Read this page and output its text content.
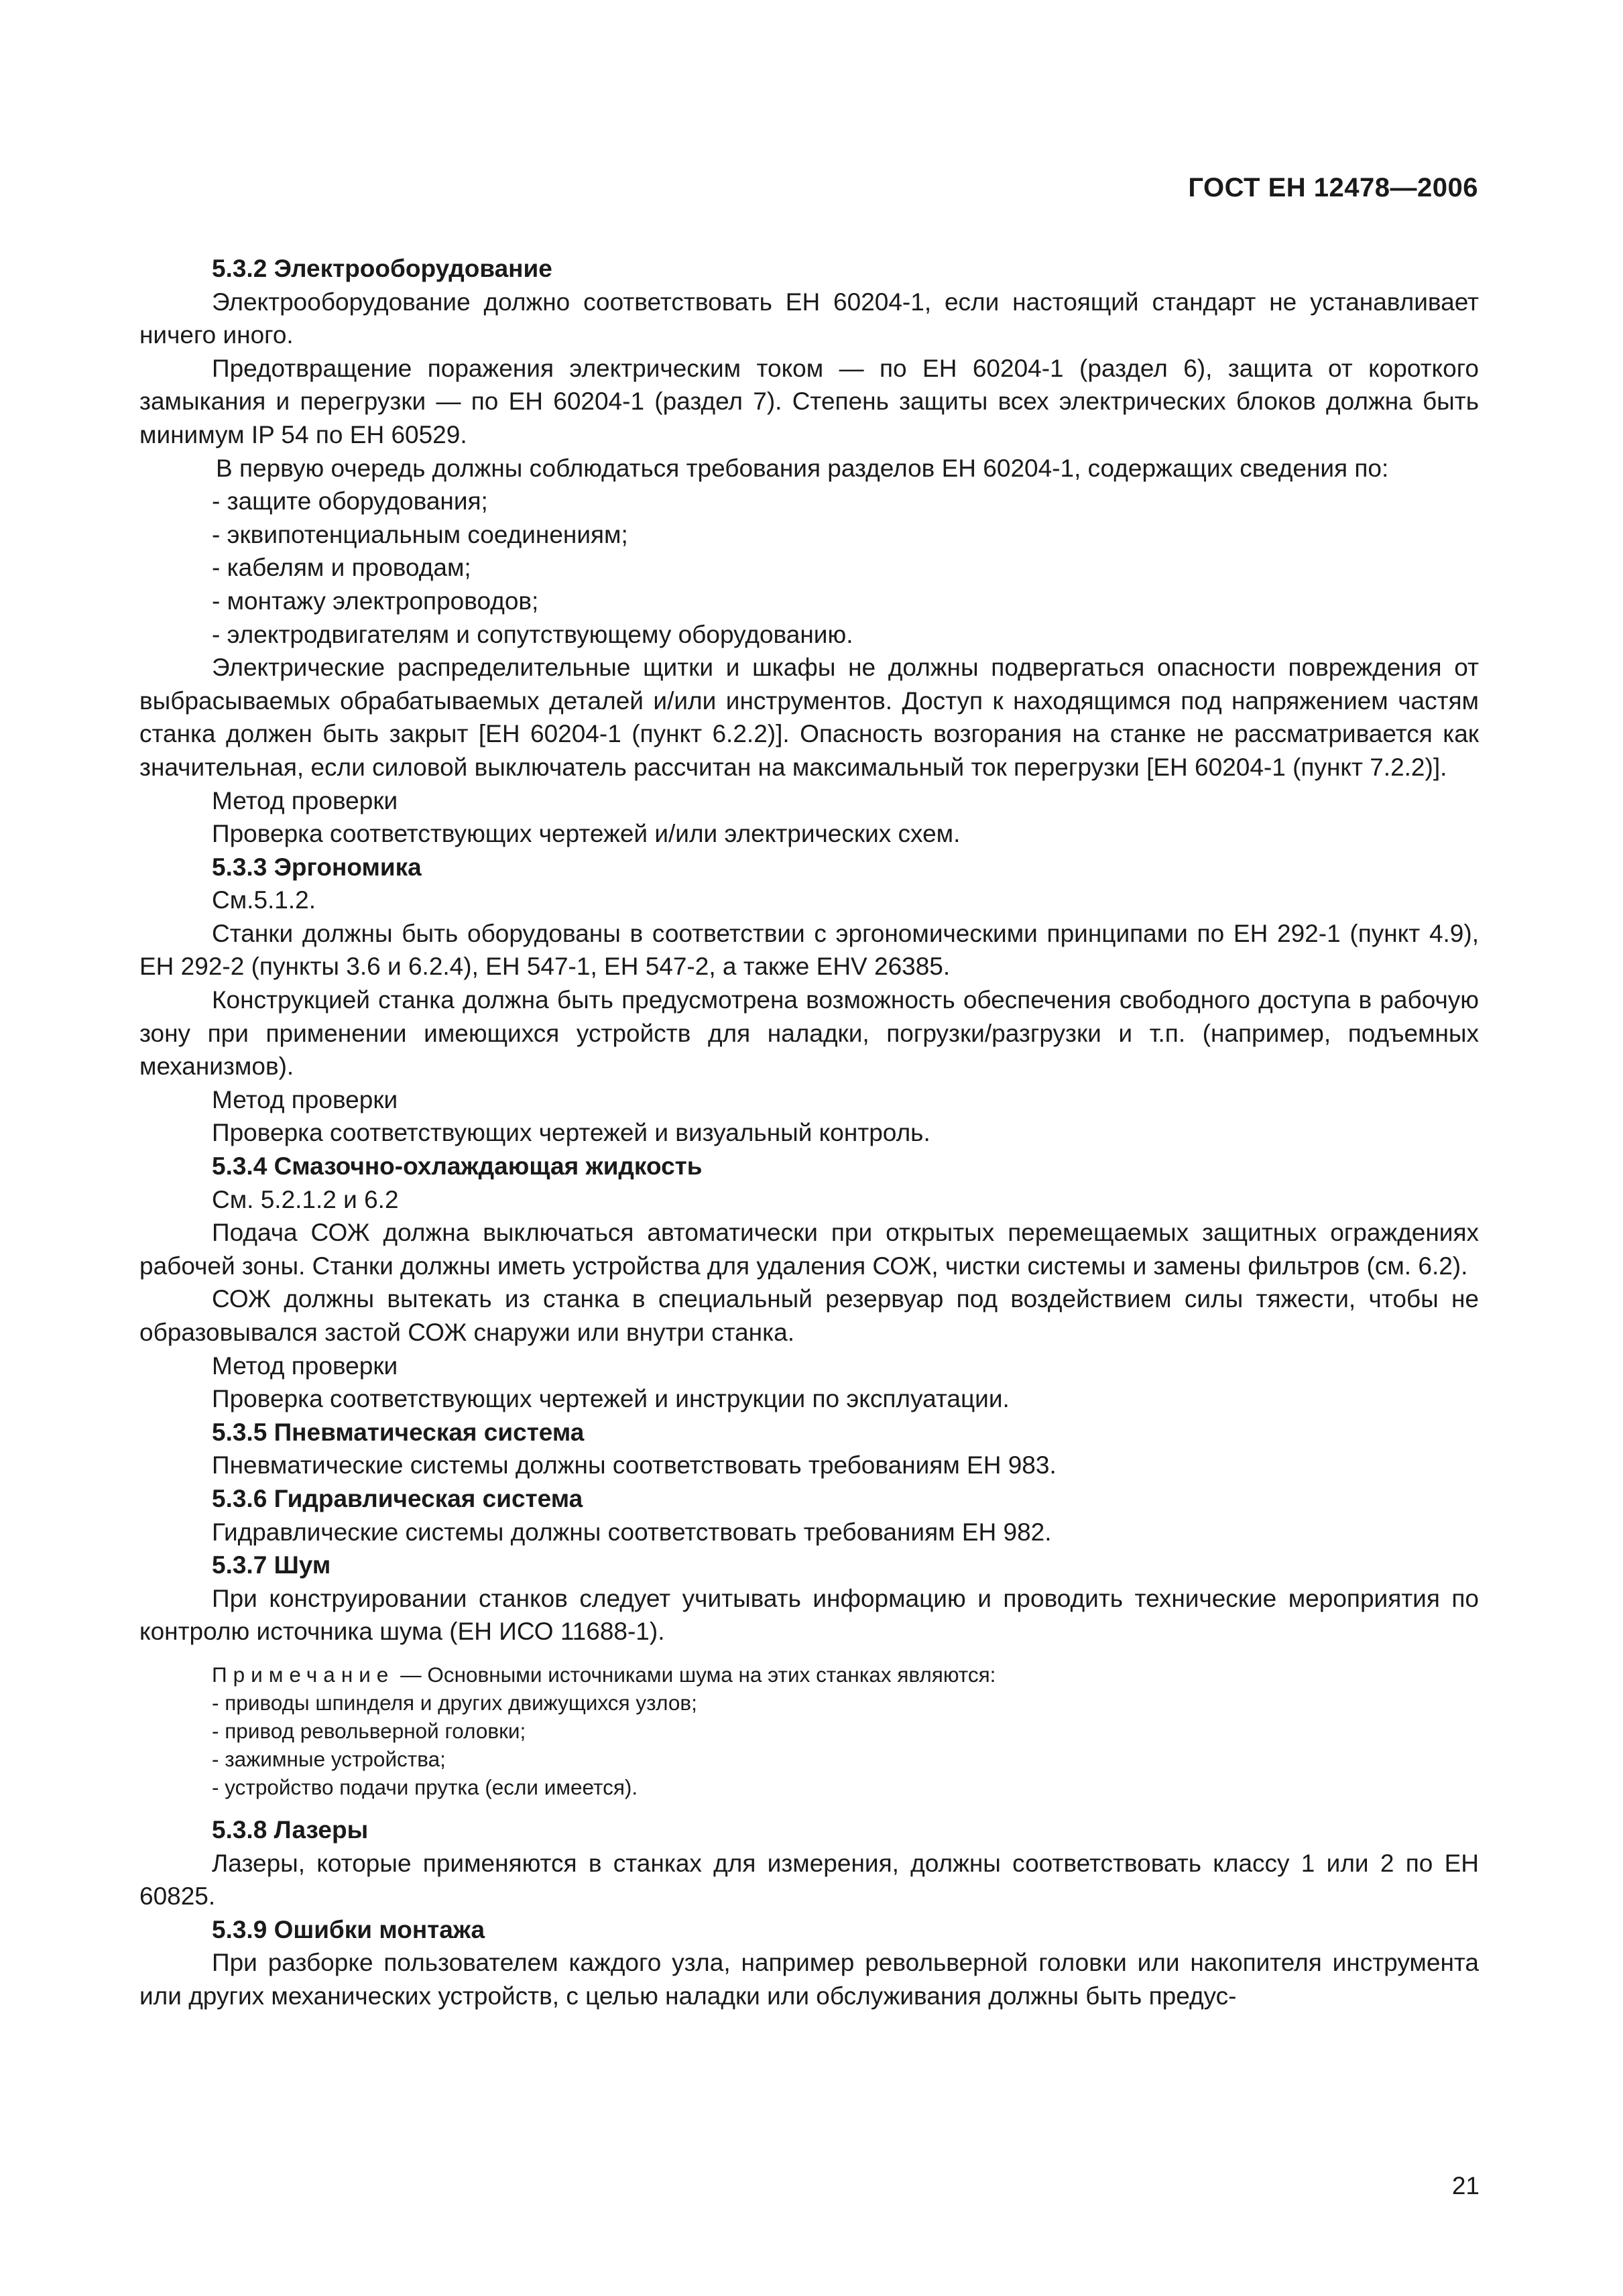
ГОСТ ЕН 12478—2006
5.3.2 Электрооборудование

Электрооборудование должно соответствовать ЕН 60204-1, если настоящий стандарт не устанавливает ничего иного.

Предотвращение поражения электрическим током — по ЕН 60204-1 (раздел 6), защита от короткого замыкания и перегрузки — по ЕН 60204-1 (раздел 7). Степень защиты всех электрических блоков должна быть минимум IP 54 по ЕН 60529.

В первую очередь должны соблюдаться требования разделов ЕН 60204-1, содержащих сведения по:

- защите оборудования;
- эквипотенциальным соединениям;
- кабелям и проводам;
- монтажу электропроводов;
- электродвигателям и сопутствующему оборудованию.

Электрические распределительные щитки и шкафы не должны подвергаться опасности повреждения от выбрасываемых обрабатываемых деталей и/или инструментов. Доступ к находящимся под напряжением частям станка должен быть закрыт [ЕН 60204-1 (пункт 6.2.2)]. Опасность возгорания на станке не рассматривается как значительная, если силовой выключатель рассчитан на максимальный ток перегрузки [ЕН 60204-1 (пункт 7.2.2)].

Метод проверки
Проверка соответствующих чертежей и/или электрических схем.
5.3.3 Эргономика
См.5.1.2.

Станки должны быть оборудованы в соответствии с эргономическими принципами по ЕН 292-1 (пункт 4.9), ЕН 292-2 (пункты 3.6 и 6.2.4), ЕН 547-1, ЕН 547-2, а также ЕНV 26385.

Конструкцией станка должна быть предусмотрена возможность обеспечения свободного доступа в рабочую зону при применении имеющихся устройств для наладки, погрузки/разгрузки и т.п. (например, подъемных механизмов).

Метод проверки
Проверка соответствующих чертежей и визуальный контроль.
5.3.4 Смазочно-охлаждающая жидкость
См. 5.2.1.2 и 6.2

Подача СОЖ должна выключаться автоматически при открытых перемещаемых защитных ограждениях рабочей зоны. Станки должны иметь устройства для удаления СОЖ, чистки системы и замены фильтров (см. 6.2).

СОЖ должны вытекать из станка в специальный резервуар под воздействием силы тяжести, чтобы не образовывался застой СОЖ снаружи или внутри станка.

Метод проверки
Проверка соответствующих чертежей и инструкции по эксплуатации.
5.3.5 Пневматическая система

Пневматические системы должны соответствовать требованиям ЕН 983.

5.3.6 Гидравлическая система

Гидравлические системы должны соответствовать требованиям ЕН 982.

5.3.7 Шум

При конструировании станков следует учитывать информацию и проводить технические мероприятия по контролю источника шума (ЕН ИСО 11688-1).

Примечание — Основными источниками шума на этих станках являются:
- приводы шпинделя и других движущихся узлов;
- привод револьверной головки;
- зажимные устройства;
- устройство подачи прутка (если имеется).
5.3.8 Лазеры

Лазеры, которые применяются в станках для измерения, должны соответствовать классу 1 или 2 по ЕН 60825.

5.3.9 Ошибки монтажа

При разборке пользователем каждого узла, например револьверной головки или накопителя инструмента или других механических устройств, с целью наладки или обслуживания должны быть предус-

21
